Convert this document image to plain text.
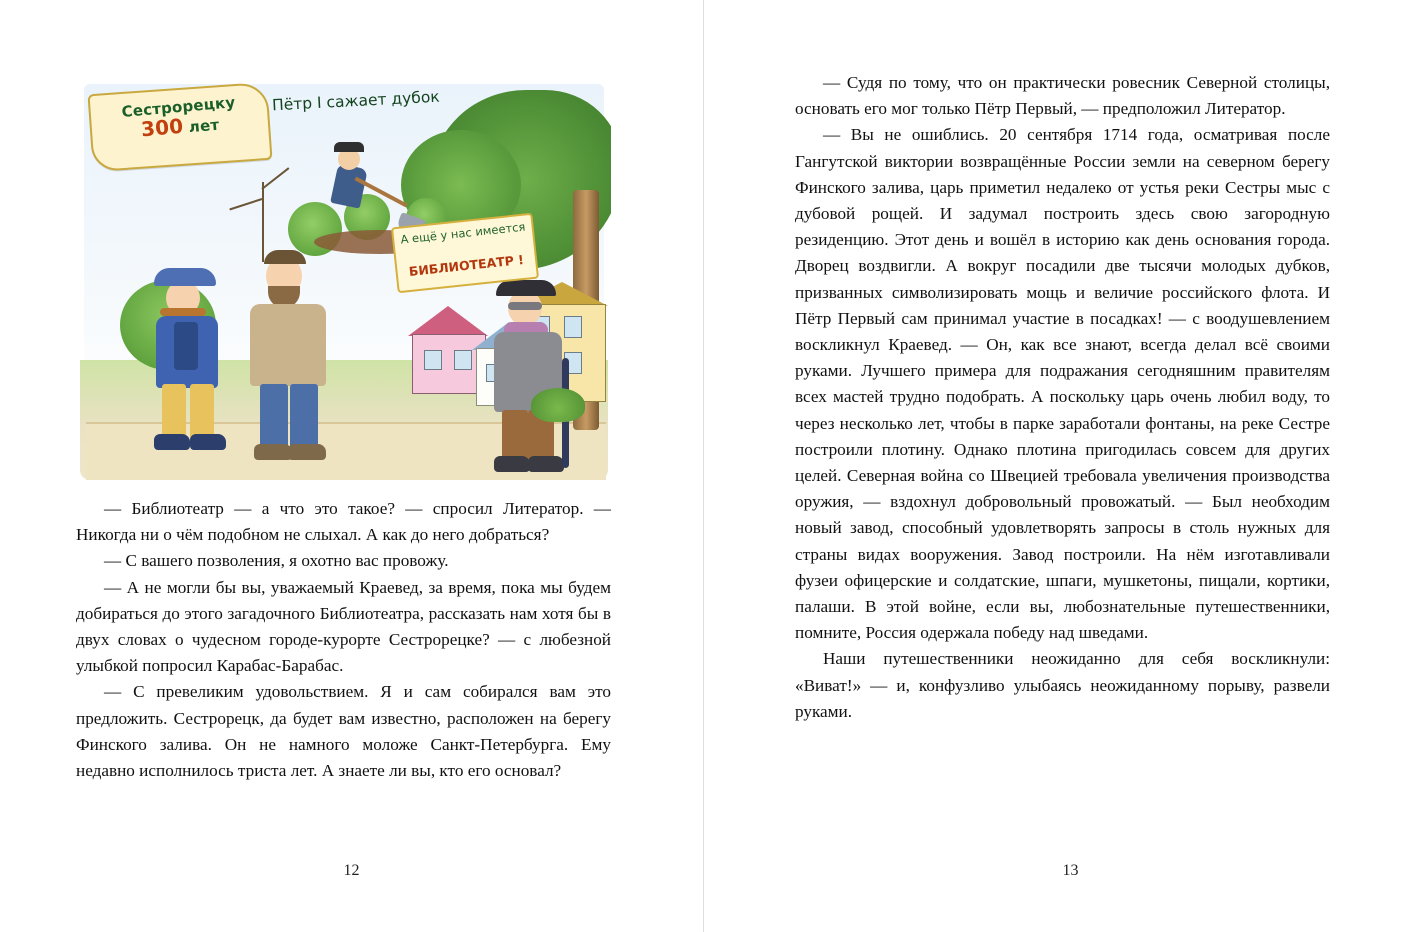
Сестрорецку
300 лет
Пётр I сажает дубок
А ещё у нас имеется
БИБЛИОТЕАТР !

— Библиотеатр — а что это такое? — спросил Литератор. — Никогда ни о чём подобном не слыхал. А как до него добраться?

— С вашего позволения, я охотно вас провожу.

— А не могли бы вы, уважаемый Краевед, за время, пока мы будем добираться до этого загадочного Библиотеатра, рассказать нам хотя бы в двух словах о чудесном городе-курорте Сестрорецке? — с любезной улыбкой попросил Карабас-Барабас.

— С превеликим удовольствием. Я и сам собирался вам это предложить. Сестрорецк, да будет вам известно, расположен на берегу Финского залива. Он не намного моложе Санкт-Петербурга. Ему недавно исполнилось триста лет. А знаете ли вы, кто его основал?

12

— Судя по тому, что он практически ровесник Северной столицы, основать его мог только Пётр Первый, — предположил Литератор.

— Вы не ошиблись. 20 сентября 1714 года, осматривая после Гангутской виктории возвращённые России земли на северном берегу Финского залива, царь приметил недалеко от устья реки Сестры мыс с дубовой рощей. И задумал построить здесь свою загородную резиденцию. Этот день и вошёл в историю как день основания города. Дворец воздвигли. А вокруг посадили две тысячи молодых дубков, призванных символизировать мощь и величие российского флота. И Пётр Первый сам принимал участие в посадках! — с воодушевлением воскликнул Краевед. — Он, как все знают, всегда делал всё своими руками. Лучшего примера для подражания сегодняшним правителям всех мастей трудно подобрать. А поскольку царь очень любил воду, то через несколько лет, чтобы в парке заработали фонтаны, на реке Сестре построили плотину. Однако плотина пригодилась совсем для других целей. Северная война со Швецией требовала увеличения производства оружия, — вздохнул добровольный провожатый. — Был необходим новый завод, способный удовлетворять запросы в столь нужных для страны видах вооружения. Завод построили. На нём изготавливали фузеи офицерские и солдатские, шпаги, мушкетоны, пищали, кортики, палаши. В этой войне, если вы, любознательные путешественники, помните, Россия одержала победу над шведами.

Наши путешественники неожиданно для себя воскликнули: «Виват!» — и, конфузливо улыбаясь неожиданному порыву, развели руками.

13
